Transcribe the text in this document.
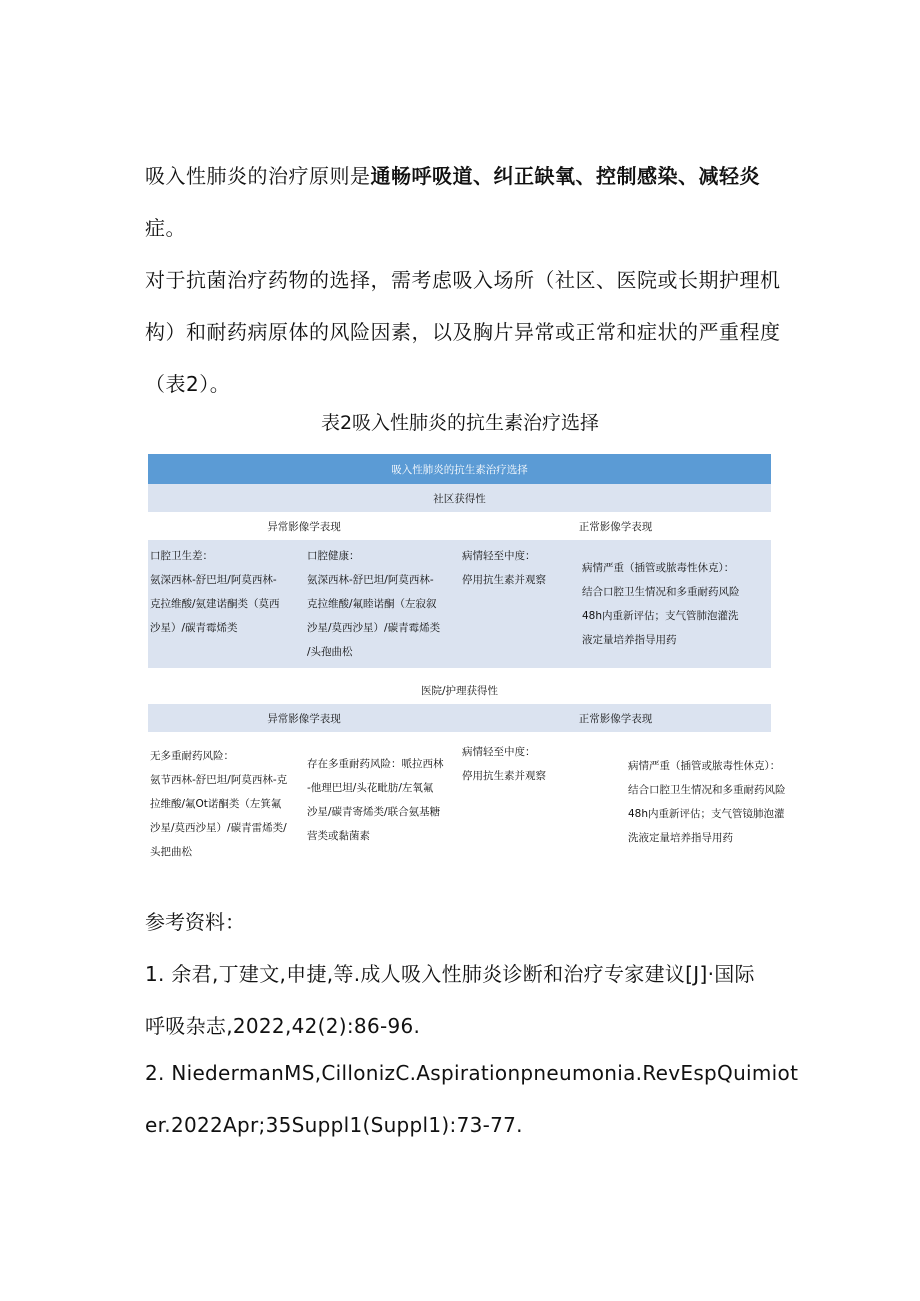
吸入性肺炎的治疗原则是通畅呼吸道、纠正缺氧、控制感染、减轻炎症。
对于抗菌治疗药物的选择，需考虑吸入场所（社区、医院或长期护理机
构）和耐药病原体的风险因素，以及胸片异常或正常和症状的严重程度
（表2）。

表2吸入性肺炎的抗生素治疗选择
吸入性肺炎的抗生素治疗选择			
社区获得性			
异常影像学表现		正常影像学表现	

口腔卫生差：
氨深西林-舒巴坦/阿莫西林-
克拉维酸/氨建诺酮类（莫西
沙星）/碳青霉烯类	口腔健康：
氨深西林-舒巴坦/阿莫西林-
克拉维酸/氟睦诺酮（左寂叙
沙星/莫西沙星）/碳青霉烯类
/头孢曲松	病情轻至中度：
停用抗生素并观察	病情严重（插管或脓毒性休克）：
结合口腔卫生情况和多重耐药风险
48h内重新评估；支气管肺泡灌洗
液定量培养指导用药

医院/护理获得性			
异常影像学表现		正常影像学表现	

无多重耐药风险：
氨节西林-舒巴坦/阿莫西林-克
拉维酸/氟Ot诺酮类（左箕氟
沙星/莫西沙星）/碳青雷烯类/
头把曲松	存在多重耐药风险：哌拉西林
-他理巴坦/头花毗肪/左氧氟
沙星/碳青寄烯类/联合氨基糖
营类或黏菌素	病情轻至中度：
停用抗生素并观察	病情严重（插管或脓毒性休克）：
结合口腔卫生情况和多重耐药风险
48h内重新评估；支气管镜肺泡灌
洗液定量培养指导用药
参考资料：

1. 余君,丁建文,申捷,等.成人吸入性肺炎诊断和治疗专家建议[J]·国际
呼吸杂志,2022,42(2):86-96.

2. NiedermanMS,CillonizC.Aspirationpneumonia.RevEspQuimiot
er.2022Apr;35Suppl1(Suppl1):73-77.
